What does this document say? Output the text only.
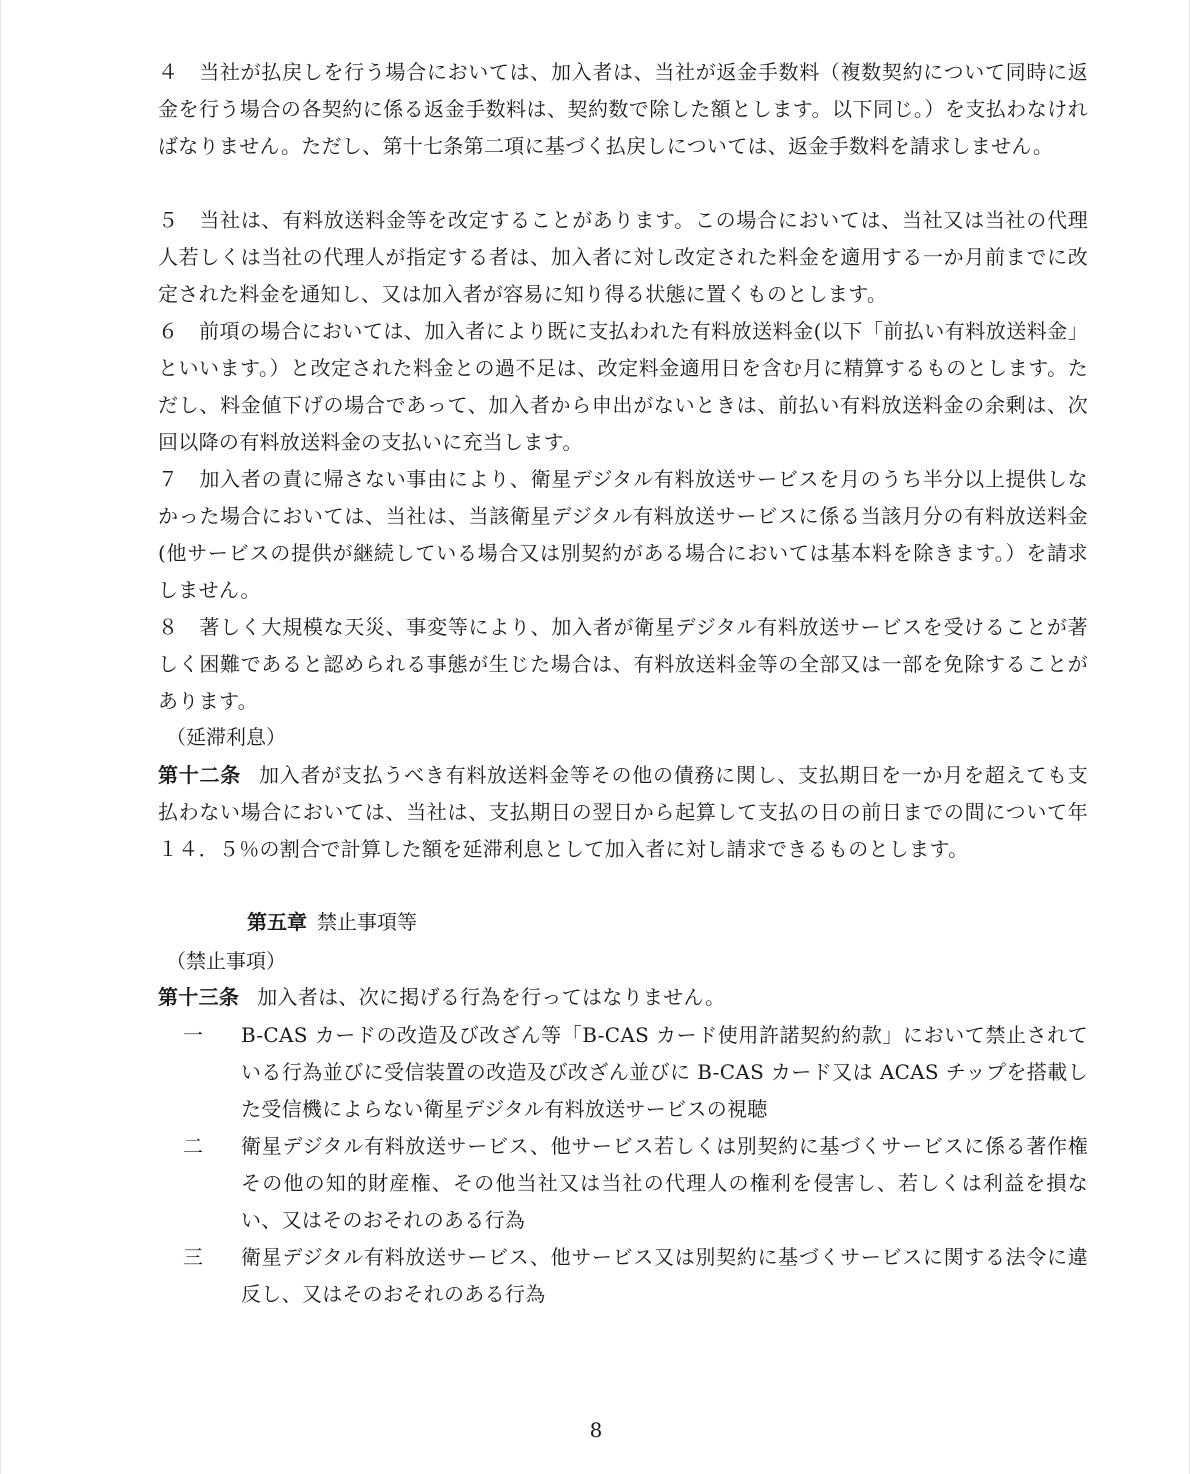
４　当社が払戻しを行う場合においては、加入者は、当社が返金手数料（複数契約について同時に返金を行う場合の各契約に係る返金手数料は、契約数で除した額とします。以下同じ。）を支払わなければなりません。ただし、第十七条第二項に基づく払戻しについては、返金手数料を請求しません。

５　当社は、有料放送料金等を改定することがあります。この場合においては、当社又は当社の代理人若しくは当社の代理人が指定する者は、加入者に対し改定された料金を適用する一か月前までに改定された料金を通知し、又は加入者が容易に知り得る状態に置くものとします。

６　前項の場合においては、加入者により既に支払われた有料放送料金(以下「前払い有料放送料金」といいます。）と改定された料金との過不足は、改定料金適用日を含む月に精算するものとします。ただし、料金値下げの場合であって、加入者から申出がないときは、前払い有料放送料金の余剰は、次回以降の有料放送料金の支払いに充当します。

７　加入者の責に帰さない事由により、衛星デジタル有料放送サービスを月のうち半分以上提供しなかった場合においては、当社は、当該衛星デジタル有料放送サービスに係る当該月分の有料放送料金(他サービスの提供が継続している場合又は別契約がある場合においては基本料を除きます。）を請求しません。

８　著しく大規模な天災、事変等により、加入者が衛星デジタル有料放送サービスを受けることが著しく困難であると認められる事態が生じた場合は、有料放送料金等の全部又は一部を免除することがあります。

（延滞利息）

第十二条 加入者が支払うべき有料放送料金等その他の債務に関し、支払期日を一か月を超えても支払わない場合においては、当社は、支払期日の翌日から起算して支払の日の前日までの間について年１４．５％の割合で計算した額を延滞利息として加入者に対し請求できるものとします。

第五章 禁止事項等
（禁止事項）

第十三条 加入者は、次に掲げる行為を行ってはなりません。

一	B-CAS カードの改造及び改ざん等「B-CAS カード使用許諾契約約款」において禁止されている行為並びに受信装置の改造及び改ざん並びに B-CAS カード又は ACAS チップを搭載した受信機によらない衛星デジタル有料放送サービスの視聴
二	衛星デジタル有料放送サービス、他サービス若しくは別契約に基づくサービスに係る著作権その他の知的財産権、その他当社又は当社の代理人の権利を侵害し、若しくは利益を損ない、又はそのおそれのある行為
三	衛星デジタル有料放送サービス、他サービス又は別契約に基づくサービスに関する法令に違反し、又はそのおそれのある行為
8
